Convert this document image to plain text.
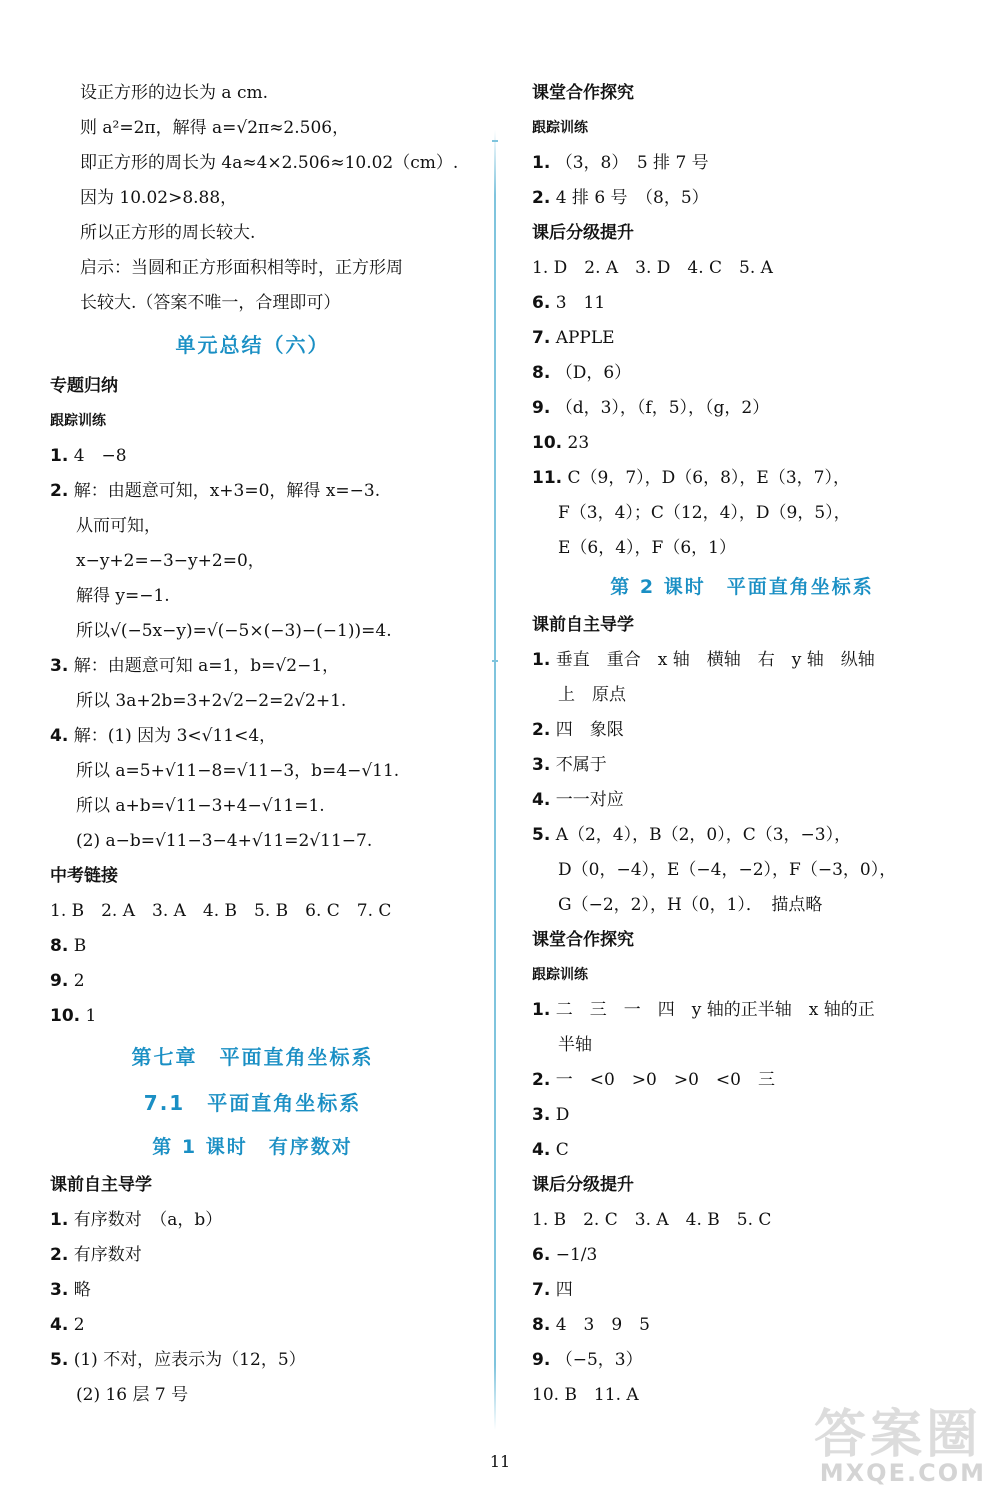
设正方形的边长为 a cm.
则 a²=2π，解得 a=√2π≈2.506，
即正方形的周长为 4a≈4×2.506≈10.02（cm）.
因为 10.02>8.88，
所以正方形的周长较大.
启示：当圆和正方形面积相等时，正方形周
长较大.（答案不唯一，合理即可）
单元总结（六）
专题归纳
跟踪训练
1. 4　−8
2. 解：由题意可知，x+3=0，解得 x=−3.
从而可知，
x−y+2=−3−y+2=0，
解得 y=−1.
所以√(−5x−y)=√(−5×(−3)−(−1))=4.
3. 解：由题意可知 a=1，b=√2−1，
所以 3a+2b=3+2√2−2=2√2+1.
4. 解：(1) 因为 3<√11<4，
所以 a=5+√11−8=√11−3，b=4−√11.
所以 a+b=√11−3+4−√11=1.
(2) a−b=√11−3−4+√11=2√11−7.
中考链接
1. B　2. A　3. A　4. B　5. B　6. C　7. C
8. B
9. 2
10. 1
第七章　平面直角坐标系
7.1　平面直角坐标系
第 1 课时　有序数对
课前自主导学
1. 有序数对　（a，b）
2. 有序数对
3. 略
4. 2
5. (1) 不对，应表示为（12，5）
(2) 16 层 7 号
课堂合作探究
跟踪训练
1. （3，8）　5 排 7 号
2. 4 排 6 号　（8，5）
课后分级提升
1. D　2. A　3. D　4. C　5. A
6. 3　11
7. APPLE
8. （D，6）
9. （d，3），（f，5），（g，2）
10. 23
11. C（9，7），D（6，8），E（3，7），
F（3，4）；C（12，4），D（9，5），
E（6，4），F（6，1）
第 2 课时　平面直角坐标系
课前自主导学
1. 垂直　重合　x 轴　横轴　右　y 轴　纵轴
上　原点
2. 四　象限
3. 不属于
4. 一一对应
5. A（2，4），B（2，0），C（3，−3），
D（0，−4），E（−4，−2），F（−3，0），
G（−2，2），H（0，1）．　描点略
课堂合作探究
跟踪训练
1. 二　三　一　四　y 轴的正半轴　x 轴的正
半轴
2. 一　<0　>0　>0　<0　三
3. D
4. C
课后分级提升
1. B　2. C　3. A　4. B　5. C
6. −1/3
7. 四
8. 4　3　9　5
9. （−5，3）
10. B　11. A
11	答案圈
MXQE.COM
